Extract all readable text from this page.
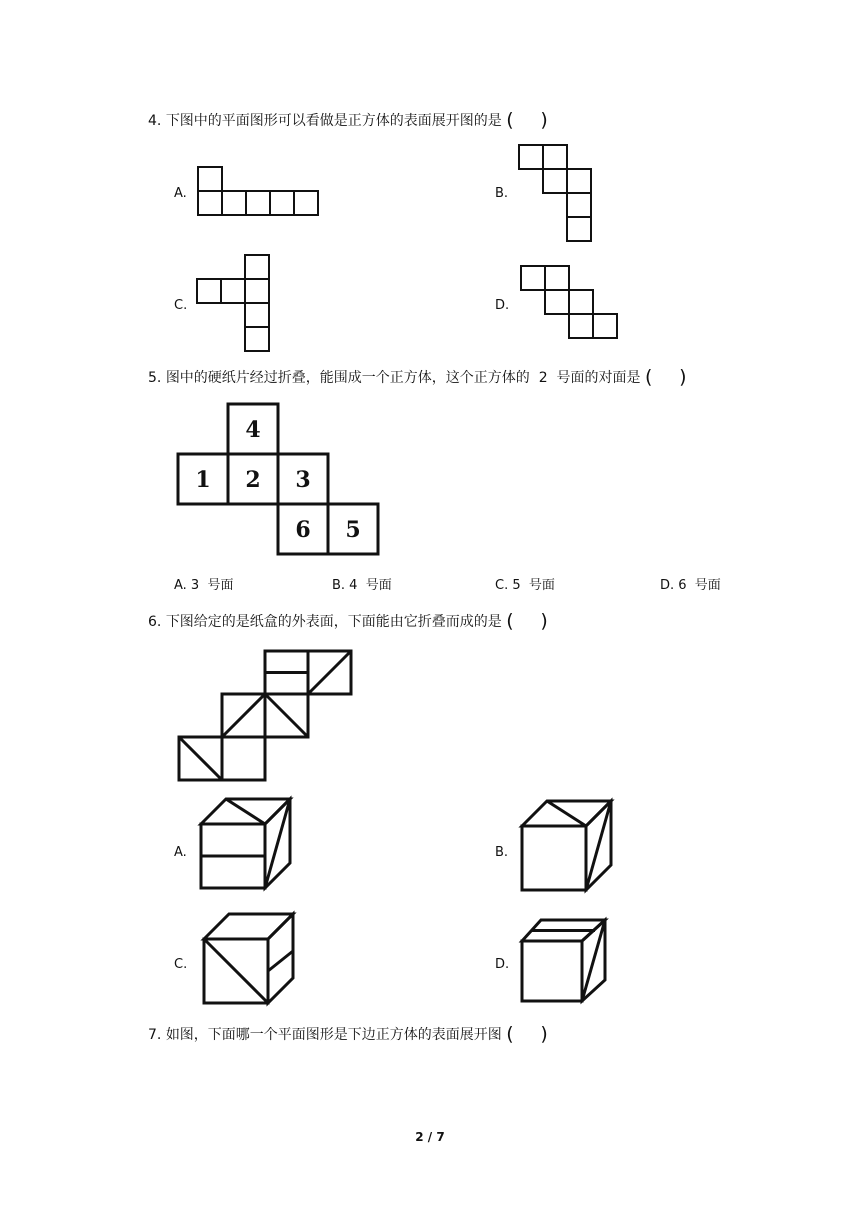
4. 下图中的平面图形可以看做是正方体的表面展开图的是 ( )
A.	B.
C.	D.
5. 图中的硬纸片经过折叠，能围成一个正方体，这个正方体的  2  号面的对面是 ( )
4
1 2 3
6 5
A. 3  号面	B. 4  号面	C. 5  号面	D. 6  号面
6. 下图给定的是纸盒的外表面，下面能由它折叠而成的是 ( )
A.	B.
C.	D.
7. 如图，下面哪一个平面图形是下边正方体的表面展开图 ( )
2 / 7
